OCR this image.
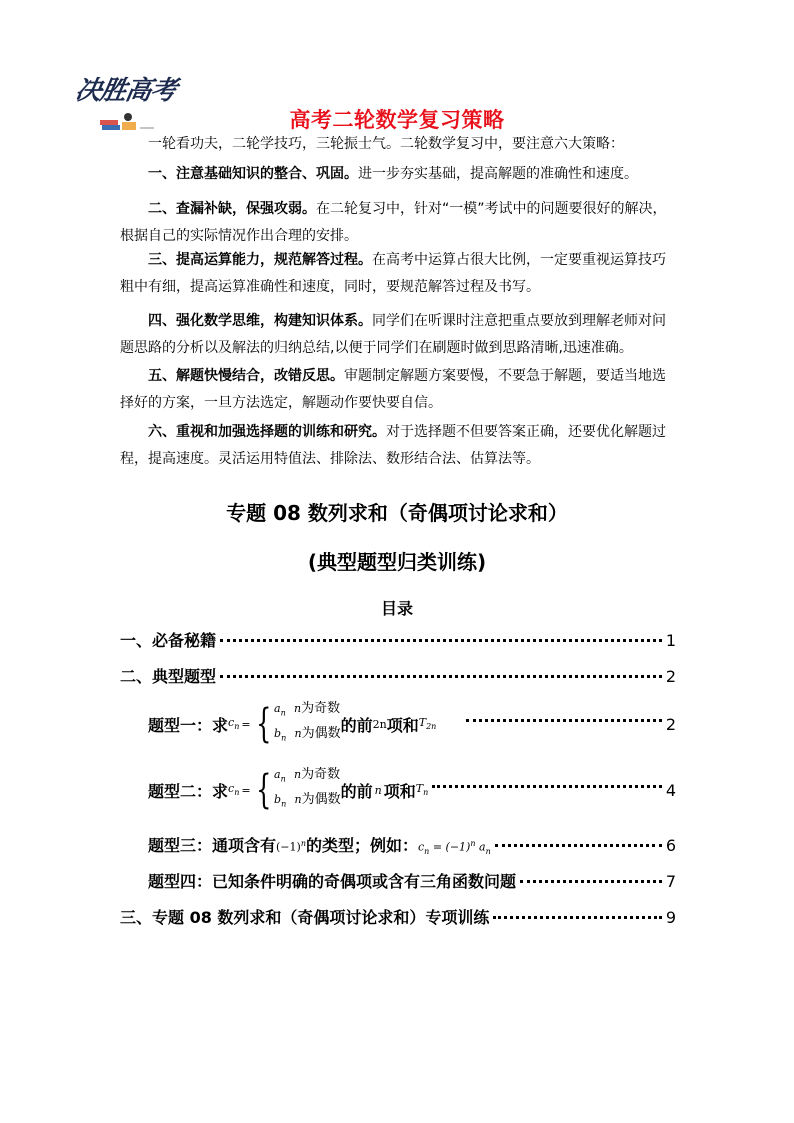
决胜高考
高考二轮数学复习策略
一轮看功夫，二轮学技巧，三轮振士气。二轮数学复习中，要注意六大策略：
一、注意基础知识的整合、巩固。进一步夯实基础，提高解题的准确性和速度。
二、查漏补缺，保强攻弱。在二轮复习中，针对“一模”考试中的问题要很好的解决，根据自己的实际情况作出合理的安排。
三、提高运算能力，规范解答过程。在高考中运算占很大比例，一定要重视运算技巧粗中有细，提高运算准确性和速度，同时，要规范解答过程及书写。
四、强化数学思维，构建知识体系。同学们在听课时注意把重点要放到理解老师对问题思路的分析以及解法的归纳总结,以便于同学们在刷题时做到思路清晰,迅速准确。
五、解题快慢结合，改错反思。审题制定解题方案要慢，不要急于解题，要适当地选择好的方案，一旦方法选定，解题动作要快要自信。
六、重视和加强选择题的训练和研究。对于选择题不但要答案正确，还要优化解题过程，提高速度。灵活运用特值法、排除法、数形结合法、估算法等。
专题 08 数列求和（奇偶项讨论求和）
(典型题型归类训练)
目录
一、必备秘籍	1
二、典型题型	2
题型一：求 $c_n$ = { $a_n$ n为奇数
$b_n$ n为偶数 的前 2n 项和 $T_{2n}$	2
题型二：求 $c_n$ = { $a_n$ n为奇数
$b_n$ n为偶数 的前 n 项和 $T_n$	4
题型三：通项含有 $(-1)^n$ 的类型；例如： $c_n = (-1)^n$ $a_n$	6
题型四：已知条件明确的奇偶项或含有三角函数问题	7
三、专题 08 数列求和（奇偶项讨论求和）专项训练	9
